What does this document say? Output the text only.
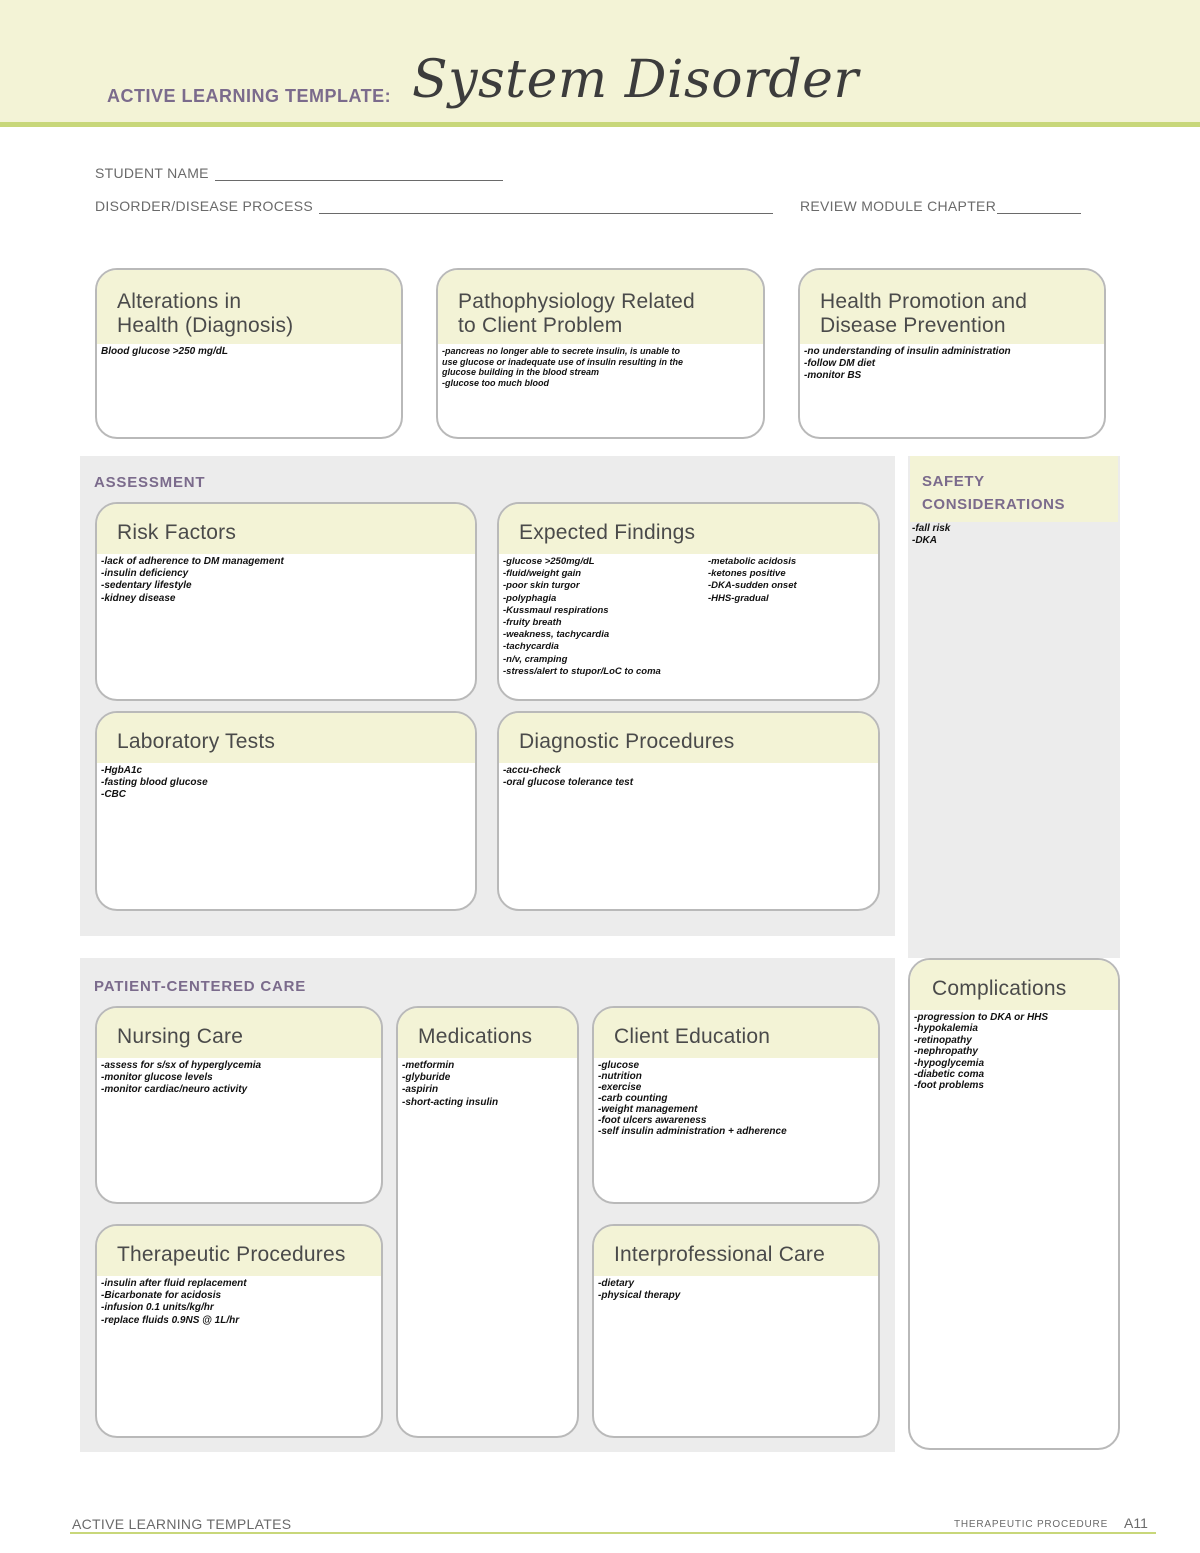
ACTIVE LEARNING TEMPLATE: System Disorder
STUDENT NAME
DISORDER/DISEASE PROCESS	REVIEW MODULE CHAPTER
Alterations in
Health (Diagnosis)
Blood glucose >250 mg/dL
Pathophysiology Related
to Client Problem
-pancreas no longer able to secrete insulin, is unable to
use glucose or inadequate use of insulin resulting in the
glucose building in the blood stream
-glucose too much blood
Health Promotion and
Disease Prevention
-no understanding of insulin administration
-follow DM diet
-monitor BS
ASSESSMENT
Risk Factors
-lack of adherence to DM management
-insulin deficiency
-sedentary lifestyle
-kidney disease
Expected Findings
-glucose >250mg/dL
-fluid/weight gain
-poor skin turgor
-polyphagia
-Kussmaul respirations
-fruity breath
-weakness, tachycardia
-tachycardia
-n/v, cramping
-stress/alert to stupor/LoC to coma
-metabolic acidosis
-ketones positive
-DKA-sudden onset
-HHS-gradual
Laboratory Tests
-HgbA1c
-fasting blood glucose
-CBC
Diagnostic Procedures
-accu-check
-oral glucose tolerance test
SAFETY
CONSIDERATIONS
-fall risk
-DKA
PATIENT-CENTERED CARE
Nursing Care
-assess for s/sx of hyperglycemia
-monitor glucose levels
-monitor cardiac/neuro activity
Medications
-metformin
-glyburide
-aspirin
-short-acting insulin
Client Education
-glucose
-nutrition
-exercise
-carb counting
-weight management
-foot ulcers awareness
-self insulin administration + adherence
Therapeutic Procedures
-insulin after fluid replacement
-Bicarbonate for acidosis
-infusion 0.1 units/kg/hr
-replace fluids 0.9NS @ 1L/hr
Interprofessional Care
-dietary
-physical therapy
Complications
-progression to DKA or HHS
-hypokalemia
-retinopathy
-nephropathy
-hypoglycemia
-diabetic coma
-foot problems
ACTIVE LEARNING TEMPLATES	THERAPEUTIC PROCEDURE A11
